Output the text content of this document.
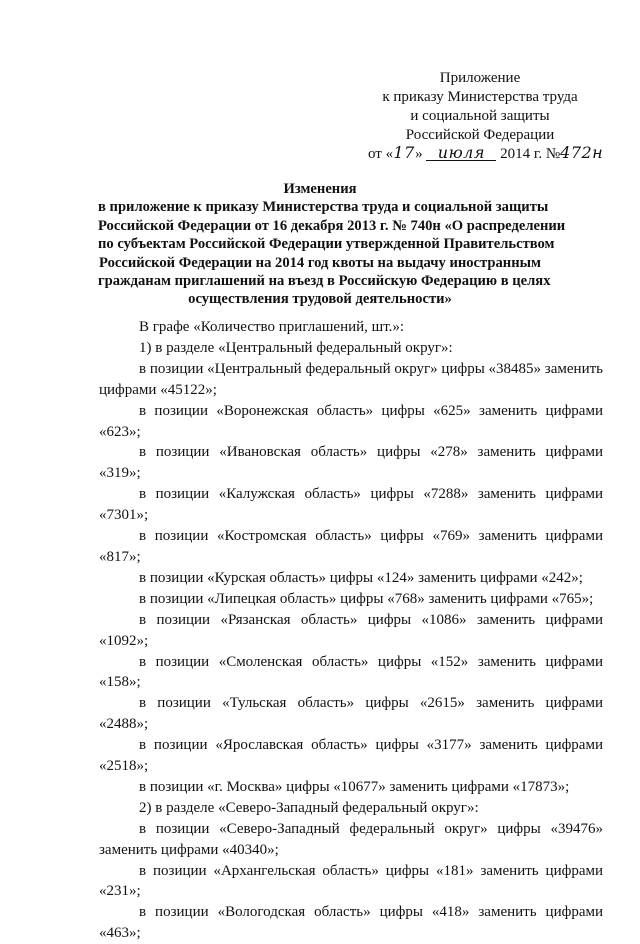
Приложение
к приказу Министерства труда
и социальной защиты
Российской Федерации
от «17» июля 2014 г. №472н
Изменения
в приложение к приказу Министерства труда и социальной защиты
Российской Федерации от 16 декабря 2013 г. № 740н «О распределении
по субъектам Российской Федерации утвержденной Правительством
Российской Федерации на 2014 год квоты на выдачу иностранным
гражданам приглашений на въезд в Российскую Федерацию в целях
осуществления трудовой деятельности»

В графе «Количество приглашений, шт.»:

1) в разделе «Центральный федеральный округ»:

в позиции «Центральный федеральный округ» цифры «38485» заменить цифрами «45122»;

в позиции «Воронежская область» цифры «625» заменить цифрами «623»;

в позиции «Ивановская область» цифры «278» заменить цифрами «319»;

в позиции «Калужская область» цифры «7288» заменить цифрами «7301»;

в позиции «Костромская область» цифры «769» заменить цифрами «817»;

в позиции «Курская область» цифры «124» заменить цифрами «242»;

в позиции «Липецкая область» цифры «768» заменить цифрами «765»;

в позиции «Рязанская область» цифры «1086» заменить цифрами «1092»;

в позиции «Смоленская область» цифры «152» заменить цифрами «158»;

в позиции «Тульская область» цифры «2615» заменить цифрами «2488»;

в позиции «Ярославская область» цифры «3177» заменить цифрами «2518»;

в позиции «г. Москва» цифры «10677» заменить цифрами «17873»;

2) в разделе «Северо-Западный федеральный округ»:

в позиции «Северо-Западный федеральный округ» цифры «39476» заменить цифрами «40340»;

в позиции «Архангельская область» цифры «181» заменить цифрами «231»;

в позиции «Вологодская область» цифры «418» заменить цифрами «463»;
